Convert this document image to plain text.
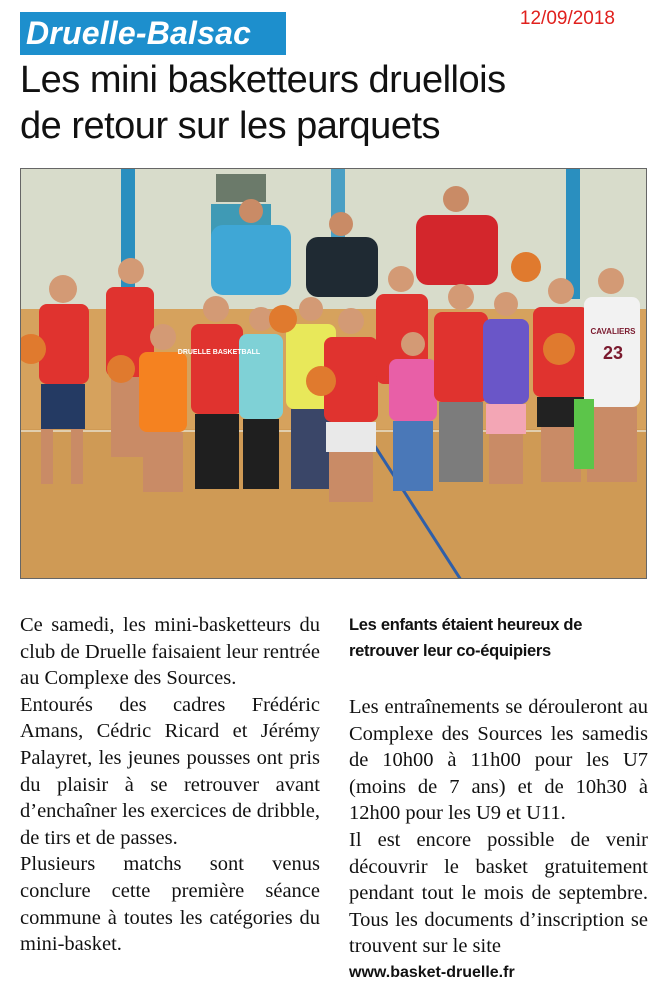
Druelle-Balsac	12/09/2018
Les mini basketteurs druellois
de retour sur les parquets
DRUELLE BASKETBALL
CAVALIERS
23

Ce samedi, les mini-basketteurs du club de Druelle faisaient leur rentrée au Complexe des Sources.

Entourés des cadres Frédéric Amans, Cédric Ricard et Jérémy Palayret, les jeunes pousses ont pris du plaisir à se retrouver avant d’enchaîner les exercices de dribble, de tirs et de passes.

Plusieurs matchs sont venus conclure cette première séance commune à toutes les catégories du mini-basket.

Les enfants étaient heureux de retrouver leur co-équipiers

Les entraînements se dérouleront au Complexe des Sources les samedis de 10h00 à 11h00 pour les U7 (moins de 7 ans) et de 10h30 à 12h00 pour les U9 et U11.

Il est encore possible de venir découvrir le basket gratuitement pendant tout le mois de septembre. Tous les documents d’inscription se trouvent sur le site

www.basket-druelle.fr
